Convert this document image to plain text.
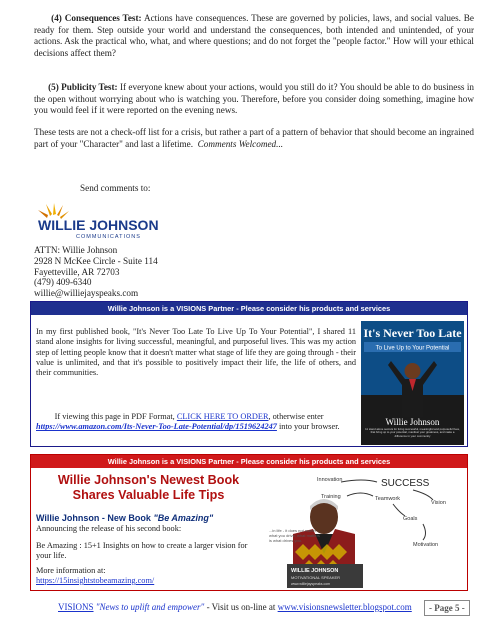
(4) Consequences Test: Actions have consequences. These are governed by policies, laws, and social values. Be ready for them. Step outside your world and understand the consequences, both intended and unintended, of your actions. Ask the practical who, what, and where questions; and do not forget the "people factor." How will your ethical decisions affect them?
(5) Publicity Test: If everyone knew about your actions, would you still do it? You should be able to do business in the open without worrying about who is watching you. Therefore, before you consider doing something, imagine how you would feel if it were reported on the evening news.
These tests are not a check-off list for a crisis, but rather a part of a pattern of behavior that should become an ingrained part of your "Character" and last a lifetime. Comments Welcomed...
Send comments to:
WILLIE JOHNSON
COMMUNICATIONS
ATTN: Willie Johnson
2928 N McKee Circle - Suite 114
Fayetteville, AR 72703
(479) 409-6340
willie@williejayspeaks.com
Willie Johnson is a VISIONS Partner - Please consider his products and services
In my first published book, "It's Never Too Late To Live Up To Your Potential", I shared 11 stand alone insights for living successful, meaningful, and purposeful lives. This was my action step of letting people know that it doesn't matter what stage of life they are going through - their value is unlimited, and that it's possible to positively impact their life, the life of others, and their communities.
If viewing this page in PDF Format, CLICK HERE TO ORDER, otherwise enter
https://www.amazon.com/Its-Never-Too-Late-Potential/dp/1519624247 into your browser.
It's Never Too Late
To Live Up to Your Potential
Willie Johnson
11 stand alone secrets for living successful, meaningful and purposeful lives, that bring up to your potential, manifest your greatness, and make a difference in your community
Willie Johnson is a VISIONS Partner - Please consider his products and services
Willie Johnson's Newest Book
Shares Valuable Life Tips
Willie Johnson - New Book "Be Amazing"
Announcing the release of his second book:
Be Amazing : 15+1 Insights on how to create a larger vision for your life.
More information at:
https://15insightstobeamazing.com/
...in life - it does not matter what you drive, what matters is what drives you.
Innovation	SUCCESS
Training	Teamwork
Vision
Goals
Motivation
WILLIE JOHNSON
MOTIVATIONAL SPEAKER
www.williejayspeaks.com
VISIONS "News to uplift and empower" - Visit us on-line at www.visionsnewsletter.blogspot.com	- Page 5 -
